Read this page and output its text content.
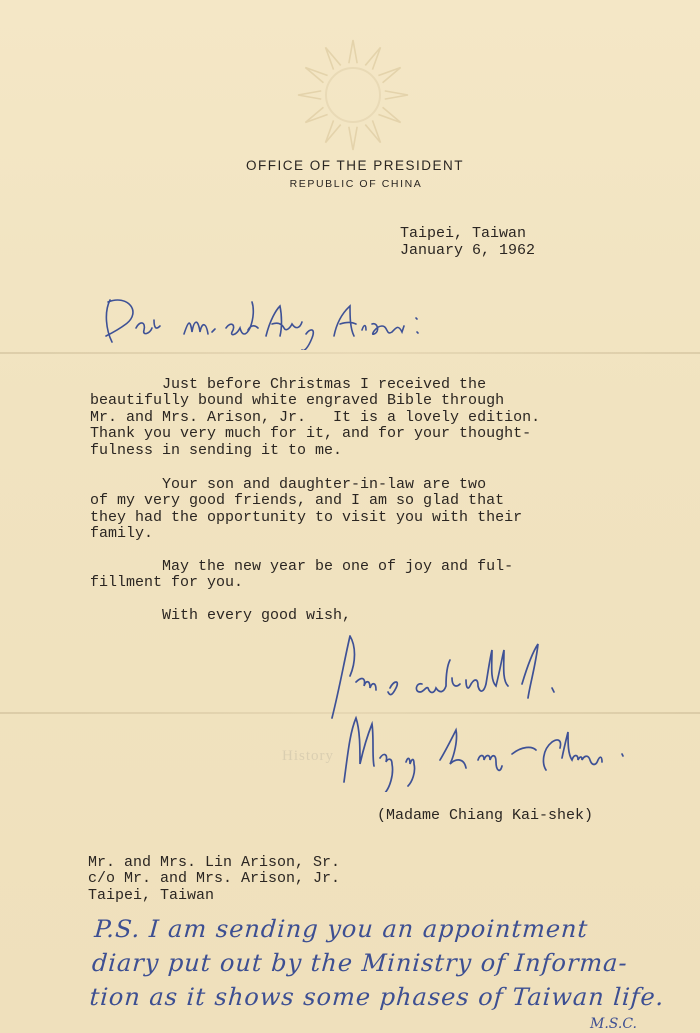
OFFICE OF THE PRESIDENT
REPUBLIC OF CHINA
Taipei, Taiwan
January 6, 1962
Just before Christmas I received the
beautifully bound white engraved Bible through
Mr. and Mrs. Arison, Jr.   It is a lovely edition.
Thank you very much for it, and for your thought-
fulness in sending it to me.
Your son and daughter-in-law are two
of my very good friends, and I am so glad that
they had the opportunity to visit you with their
family.
May the new year be one of joy and ful-
fillment for you.
With every good wish,
History
(Madame Chiang Kai-shek)
Mr. and Mrs. Lin Arison, Sr.
c/o Mr. and Mrs. Arison, Jr.
Taipei, Taiwan
P.S. I am sending you an appointment
diary put out by the Ministry of Informa-
tion as it shows some phases of Taiwan life.
M.S.C.
